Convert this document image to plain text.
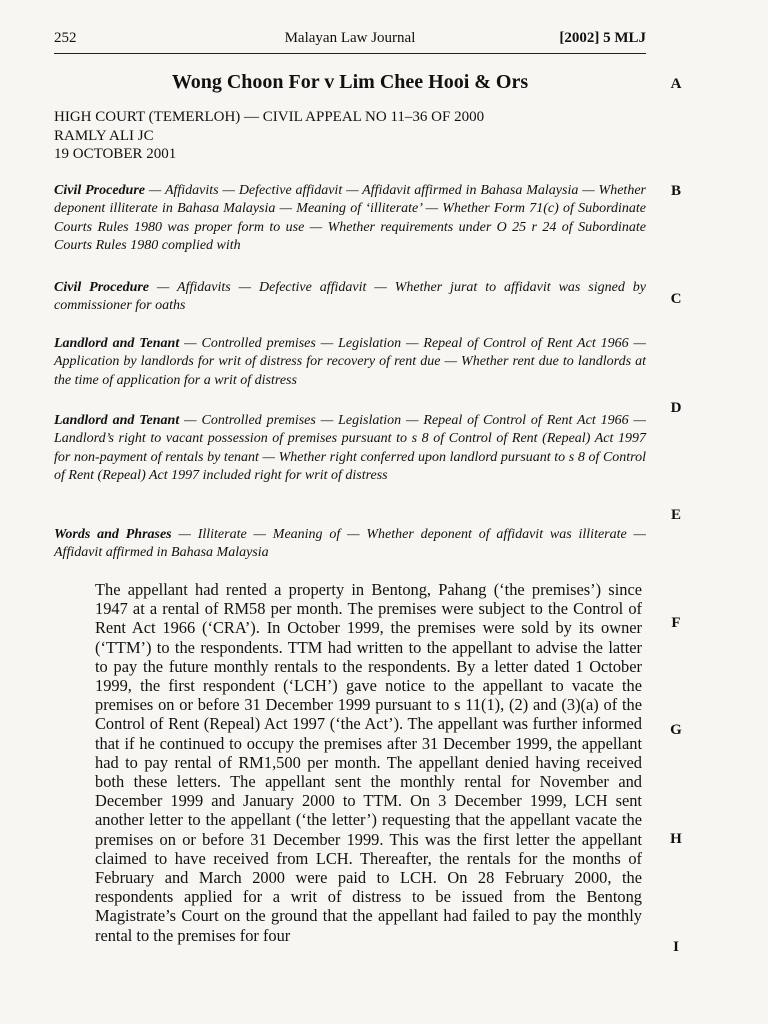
252	Malayan Law Journal	[2002] 5 MLJ
Wong Choon For v Lim Chee Hooi & Ors
HIGH COURT (TEMERLOH) — CIVIL APPEAL NO 11–36 OF 2000
RAMLY ALI JC
19 OCTOBER 2001
Civil Procedure — Affidavits — Defective affidavit — Affidavit affirmed in Bahasa Malaysia — Whether deponent illiterate in Bahasa Malaysia — Meaning of ‘illiterate’ — Whether Form 71(c) of Subordinate Courts Rules 1980 was proper form to use — Whether requirements under O 25 r 24 of Subordinate Courts Rules 1980 complied with
Civil Procedure — Affidavits — Defective affidavit — Whether jurat to affidavit was signed by commissioner for oaths
Landlord and Tenant — Controlled premises — Legislation — Repeal of Control of Rent Act 1966 — Application by landlords for writ of distress for recovery of rent due — Whether rent due to landlords at the time of application for a writ of distress
Landlord and Tenant — Controlled premises — Legislation — Repeal of Control of Rent Act 1966 — Landlord’s right to vacant possession of premises pursuant to s 8 of Control of Rent (Repeal) Act 1997 for non-payment of rentals by tenant — Whether right conferred upon landlord pursuant to s 8 of Control of Rent (Repeal) Act 1997 included right for writ of distress
Words and Phrases — Illiterate — Meaning of — Whether deponent of affidavit was illiterate — Affidavit affirmed in Bahasa Malaysia
The appellant had rented a property in Bentong, Pahang (‘the premises’) since 1947 at a rental of RM58 per month. The premises were subject to the Control of Rent Act 1966 (‘CRA’). In October 1999, the premises were sold by its owner (‘TTM’) to the respondents. TTM had written to the appellant to advise the latter to pay the future monthly rentals to the respondents. By a letter dated 1 October 1999, the first respondent (‘LCH’) gave notice to the appellant to vacate the premises on or before 31 December 1999 pursuant to s 11(1), (2) and (3)(a) of the Control of Rent (Repeal) Act 1997 (‘the Act’). The appellant was further informed that if he continued to occupy the premises after 31 December 1999, the appellant had to pay rental of RM1,500 per month. The appellant denied having received both these letters. The appellant sent the monthly rental for November and December 1999 and January 2000 to TTM. On 3 December 1999, LCH sent another letter to the appellant (‘the letter’) requesting that the appellant vacate the premises on or before 31 December 1999. This was the first letter the appellant claimed to have received from LCH. Thereafter, the rentals for the months of February and March 2000 were paid to LCH. On 28 February 2000, the respondents applied for a writ of distress to be issued from the Bentong Magistrate’s Court on the ground that the appellant had failed to pay the monthly rental to the premises for four
A
B
C
D
E
F
G
H
I
